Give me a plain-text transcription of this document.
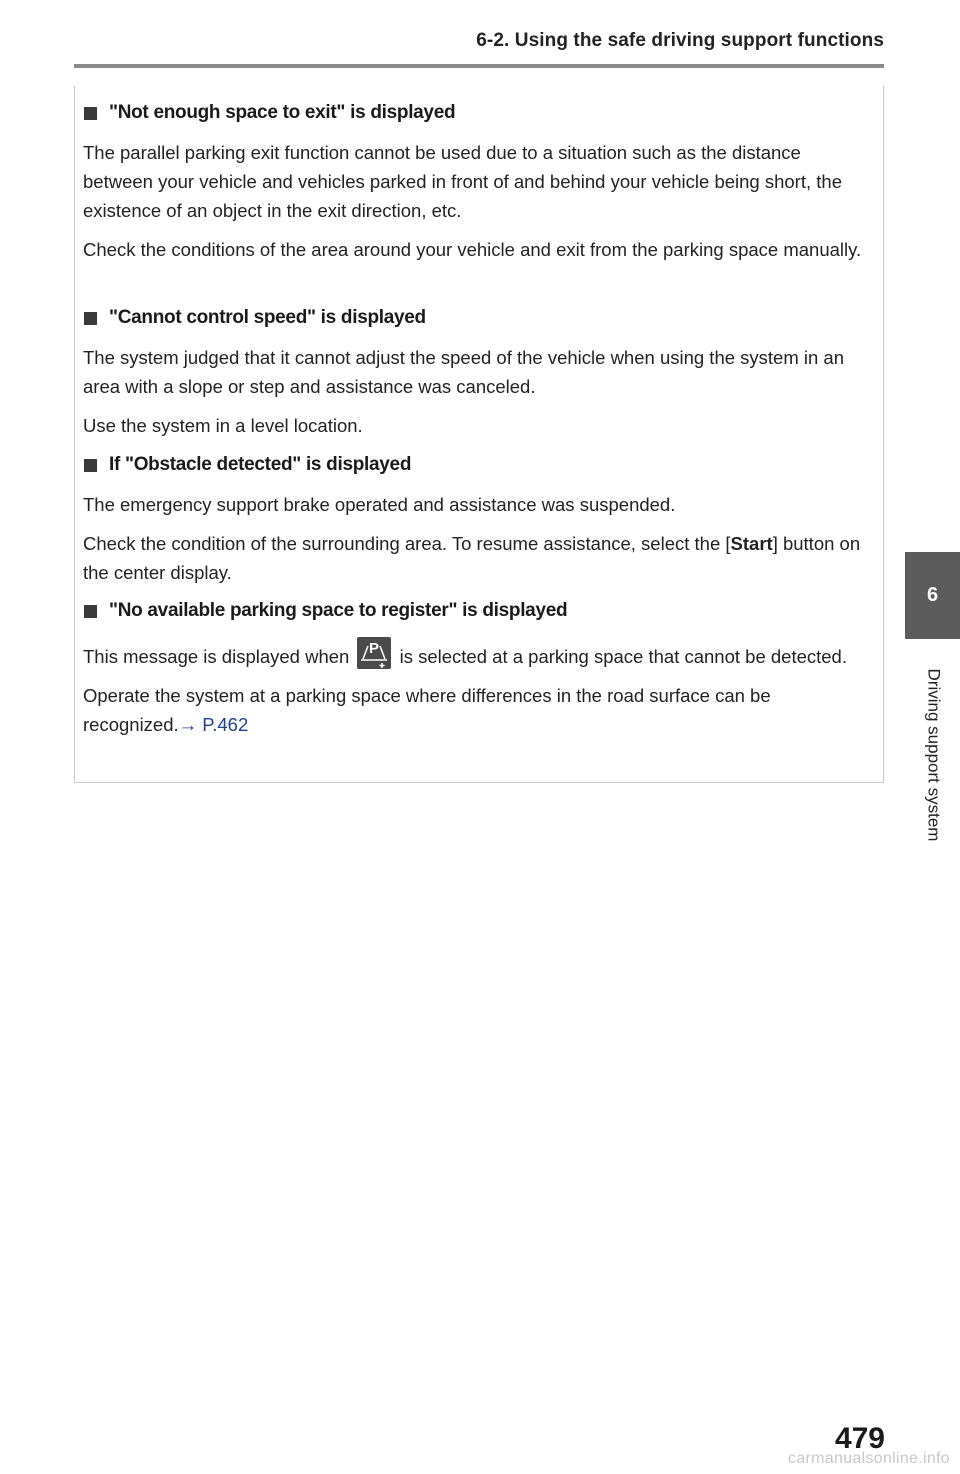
6-2. Using the safe driving support functions
"Not enough space to exit" is displayed
The parallel parking exit function cannot be used due to a situation such as the distance between your vehicle and vehicles parked in front of and behind your vehicle being short, the existence of an object in the exit direction, etc.
Check the conditions of the area around your vehicle and exit from the parking space manually.
"Cannot control speed" is displayed
The system judged that it cannot adjust the speed of the vehicle when using the system in an area with a slope or step and assistance was canceled.
Use the system in a level location.
If "Obstacle detected" is displayed
The emergency support brake operated and assistance was suspended.
Check the condition of the surrounding area. To resume assistance, select the [Start] button on the center display.
"No available parking space to register" is displayed
This message is displayed when P is selected at a parking space that cannot be detected.
Operate the system at a parking space where differences in the road surface can be recognized.→ P.462
6
Driving support system
479
carmanualsonline.info
